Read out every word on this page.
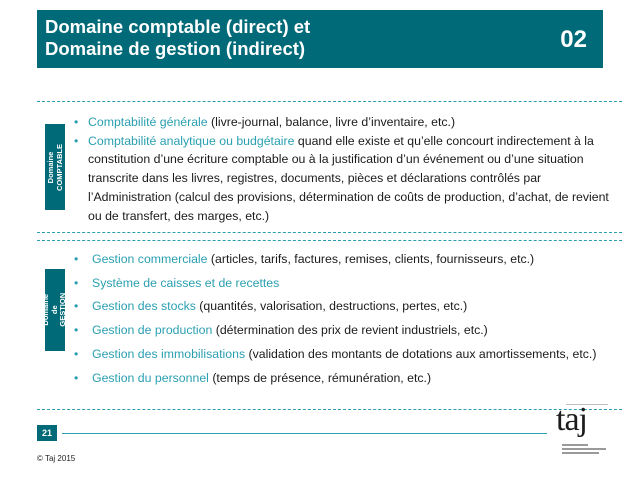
Domaine comptable (direct) et
Domaine de gestion (indirect)	02
Domaine
COMPTABLE
• Comptabilité générale (livre-journal, balance, livre d’inventaire, etc.)
• Comptabilité analytique ou budgétaire quand elle existe et qu’elle concourt indirectement à la constitution d’une écriture comptable ou à la justification d’un événement ou d’une situation transcrite dans les livres, registres, documents, pièces et déclarations contrôlés par l’Administration (calcul des provisions, détermination de coûts de production, d’achat, de revient ou de transfert, des marges, etc.)
Domaine de
GESTION
• Gestion commerciale (articles, tarifs, factures, remises, clients, fournisseurs, etc.)
• Système de caisses et de recettes
• Gestion des stocks (quantités, valorisation, destructions, pertes, etc.)
• Gestion de production (détermination des prix de revient industriels, etc.)
• Gestion des immobilisations (validation des montants de dotations aux amortissements, etc.)
• Gestion du personnel (temps de présence, rémunération, etc.)
21
© Taj 2015
taj
